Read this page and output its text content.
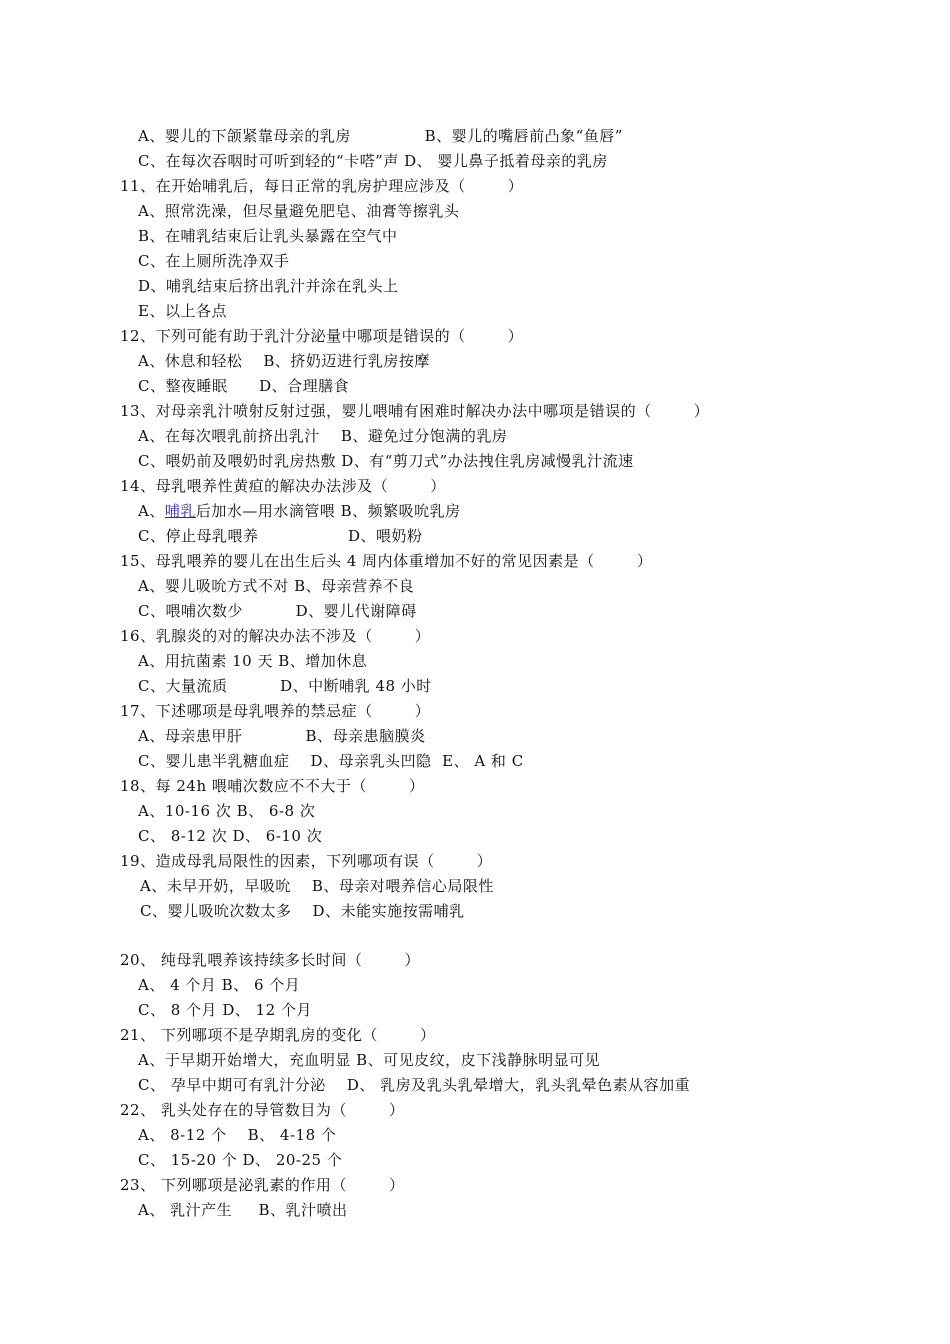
A、婴儿的下颌紧靠母亲的乳房              B、婴儿的嘴唇前凸象“鱼唇”
C、在每次吞咽时可听到轻的“卡嗒”声 D、 婴儿鼻子抵着母亲的乳房
11、在开始哺乳后，每日正常的乳房护理应涉及（        ）
A、照常洗澡，但尽量避免肥皂、油膏等擦乳头
B、在哺乳结束后让乳头暴露在空气中
C、在上厕所洗净双手
D、哺乳结束后挤出乳汁并涂在乳头上
E、以上各点
12、下列可能有助于乳汁分泌量中哪项是错误的（        ）
A、休息和轻松    B、挤奶迈进行乳房按摩
C、整夜睡眠      D、合理膳食
13、对母亲乳汁喷射反射过强，婴儿喂哺有困难时解决办法中哪项是错误的（        ）
A、在每次喂乳前挤出乳汁    B、避免过分饱满的乳房
C、喂奶前及喂奶时乳房热敷 D、有“剪刀式”办法拽住乳房减慢乳汁流速
14、母乳喂养性黄疸的解决办法涉及（        ）
A、哺乳后加水—用水滴管喂 B、频繁吸吮乳房
C、停止母乳喂养                 D、喂奶粉
15、母乳喂养的婴儿在出生后头 4 周内体重增加不好的常见因素是（        ）
A、婴儿吸吮方式不对 B、母亲营养不良
C、喂哺次数少          D、婴儿代谢障碍
16、乳腺炎的对的解决办法不涉及（        ）
A、用抗菌素 10 天 B、增加休息
C、大量流质          D、中断哺乳 48 小时
17、下述哪项是母乳喂养的禁忌症（        ）
A、母亲患甲肝            B、母亲患脑膜炎
C、婴儿患半乳糖血症    D、母亲乳头凹隐  E、 A 和 C
18、每 24h 喂哺次数应不不大于（        ）
A、10-16 次 B、 6-8 次
C、 8-12 次 D、 6-10 次
19、造成母乳局限性的因素，下列哪项有误（        ）
A、未早开奶，早吸吮    B、母亲对喂养信心局限性
C、婴儿吸吮次数太多    D、未能实施按需哺乳
20、 纯母乳喂养该持续多长时间（        ）
A、 4 个月 B、 6 个月
C、 8 个月 D、 12 个月
21、 下列哪项不是孕期乳房的变化（        ）
A、于早期开始增大，充血明显 B、可见皮纹，皮下浅静脉明显可见
C、 孕早中期可有乳汁分泌    D、 乳房及乳头乳晕增大，乳头乳晕色素从容加重
22、 乳头处存在的导管数目为（        ）
A、 8-12 个    B、 4-18 个
C、 15-20 个 D、 20-25 个
23、 下列哪项是泌乳素的作用（        ）
A、 乳汁产生     B、乳汁喷出
